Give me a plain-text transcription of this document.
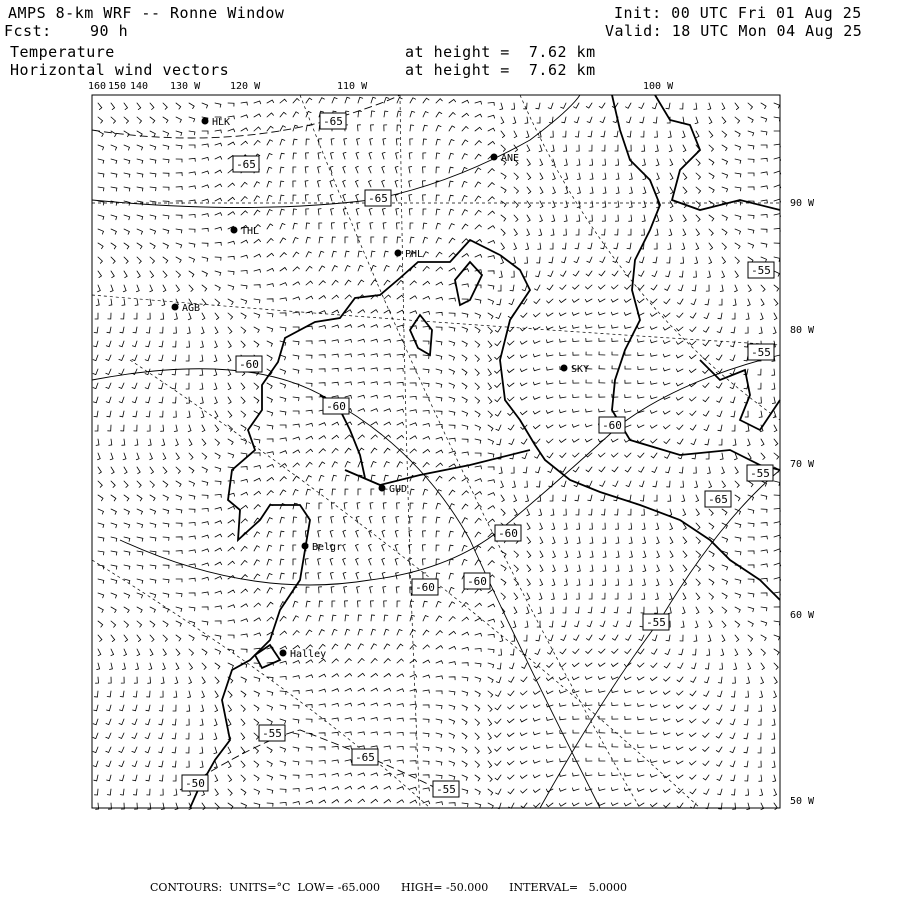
AMPS 8-km WRF -- Ronne Window	Init: 00 UTC Fri 01 Aug 25
Fcst:	90 h	Valid: 18 UTC Mon 04 Aug 25
Temperature
Horizontal wind vectors
at height =  7.62 km
at height =  7.62 km
HLK
ANE
THL
PHL
AGB
SKY
GUD
Belgr
Halley
-65
-65
-65
-55
-60
-55
-60
-60
-55
-65
-60
-60	-60
-55
-55
-65
-55
-50
160 150 140 130 W	120 W	110 W	100 W
90 W
80 W
70 W
60 W
50 W
CONTOURS:  UNITS=°C  LOW= -65.000      HIGH= -50.000      INTERVAL=   5.0000
